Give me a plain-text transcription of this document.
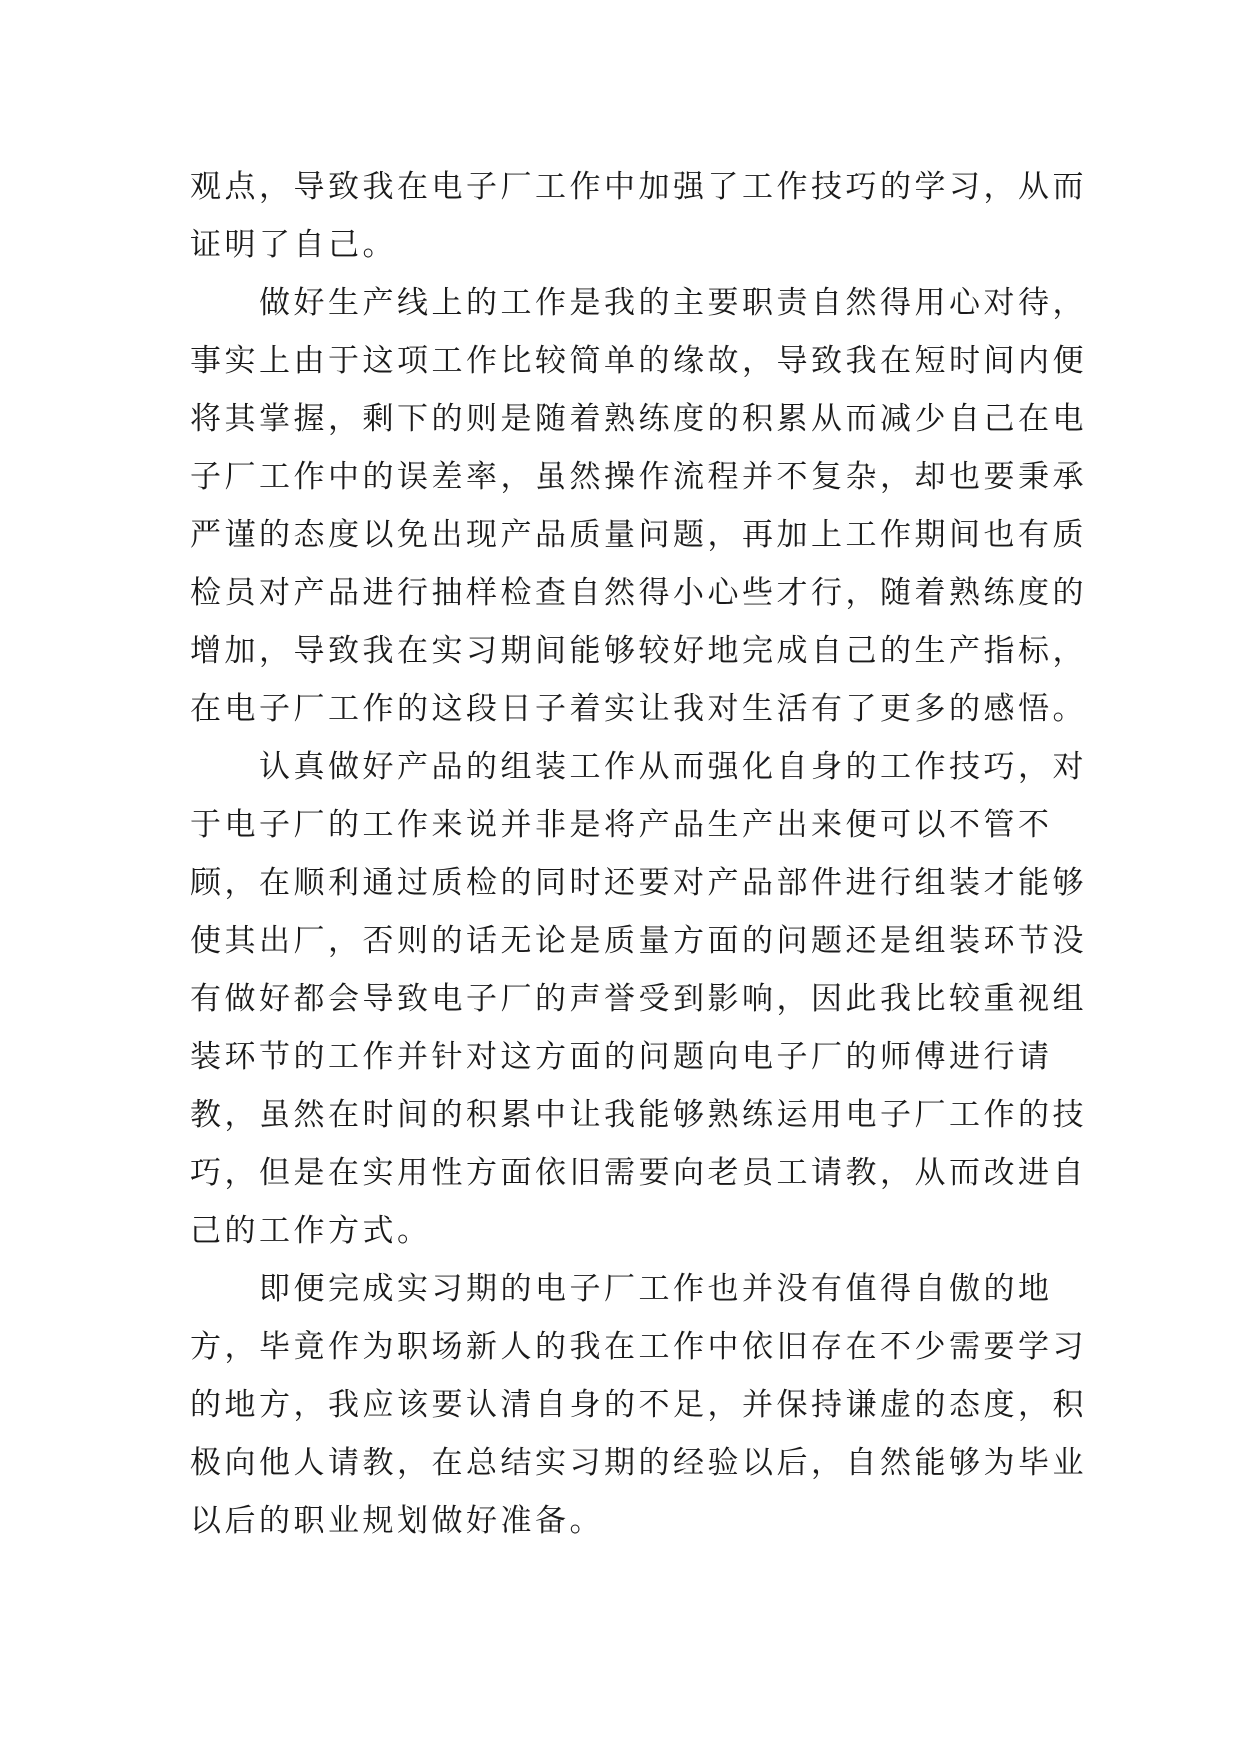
观点，导致我在电子厂工作中加强了工作技巧的学习，从而
证明了自己。
做好生产线上的工作是我的主要职责自然得用心对待，
事实上由于这项工作比较简单的缘故，导致我在短时间内便
将其掌握，剩下的则是随着熟练度的积累从而减少自己在电
子厂工作中的误差率，虽然操作流程并不复杂，却也要秉承
严谨的态度以免出现产品质量问题，再加上工作期间也有质
检员对产品进行抽样检查自然得小心些才行，随着熟练度的
增加，导致我在实习期间能够较好地完成自己的生产指标，
在电子厂工作的这段日子着实让我对生活有了更多的感悟。
认真做好产品的组装工作从而强化自身的工作技巧，对
于电子厂的工作来说并非是将产品生产出来便可以不管不
顾，在顺利通过质检的同时还要对产品部件进行组装才能够
使其出厂，否则的话无论是质量方面的问题还是组装环节没
有做好都会导致电子厂的声誉受到影响，因此我比较重视组
装环节的工作并针对这方面的问题向电子厂的师傅进行请
教，虽然在时间的积累中让我能够熟练运用电子厂工作的技
巧，但是在实用性方面依旧需要向老员工请教，从而改进自
己的工作方式。
即便完成实习期的电子厂工作也并没有值得自傲的地
方，毕竟作为职场新人的我在工作中依旧存在不少需要学习
的地方，我应该要认清自身的不足，并保持谦虚的态度，积
极向他人请教，在总结实习期的经验以后，自然能够为毕业
以后的职业规划做好准备。
